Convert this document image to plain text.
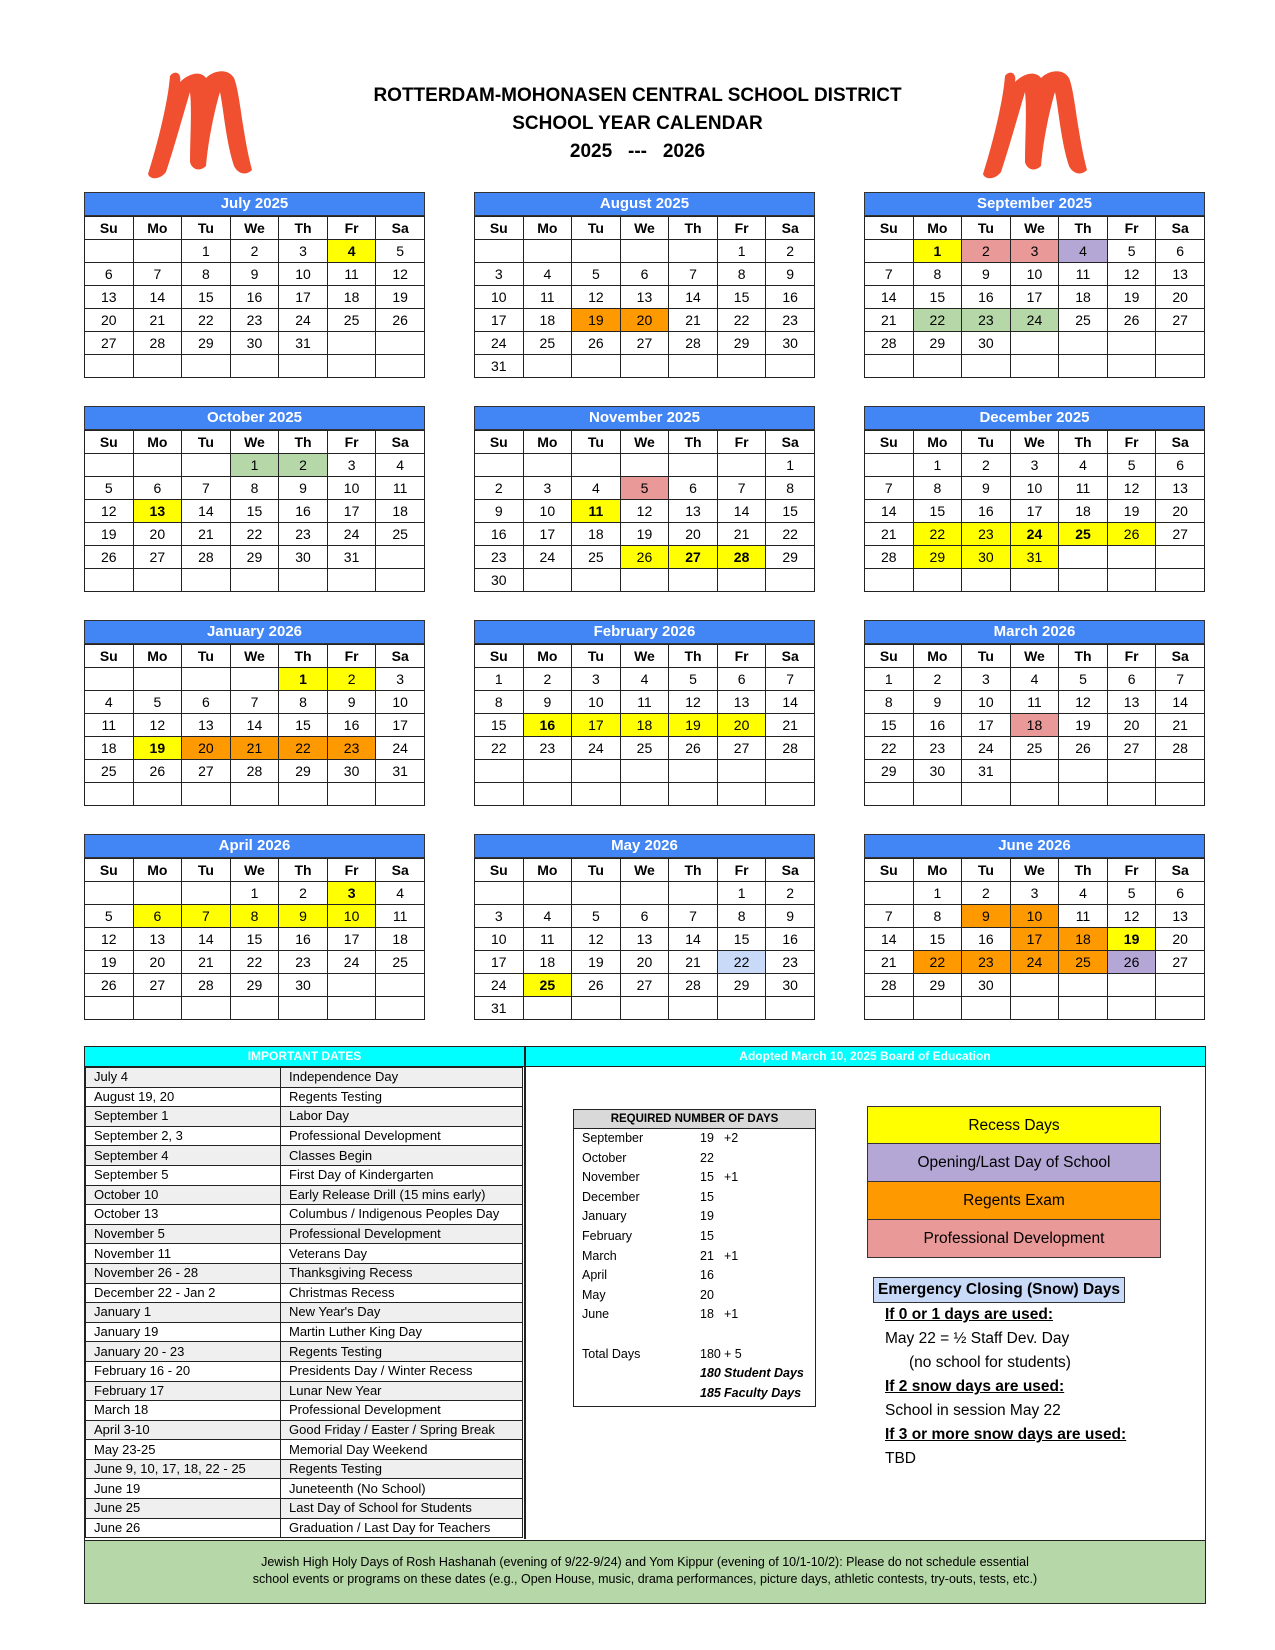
ROTTERDAM-MOHONASEN CENTRAL SCHOOL DISTRICT
SCHOOL YEAR CALENDAR
2025   ---   2026
July 2025
Su	Mo	Tu	We	Th	Fr	Sa
		1	2	3	4	5
6	7	8	9	10	11	12
13	14	15	16	17	18	19
20	21	22	23	24	25	26
27	28	29	30	31		

August 2025
Su	Mo	Tu	We	Th	Fr	Sa
					1	2
3	4	5	6	7	8	9
10	11	12	13	14	15	16
17	18	19	20	21	22	23
24	25	26	27	28	29	30
31						
September 2025
Su	Mo	Tu	We	Th	Fr	Sa
	1	2	3	4	5	6
7	8	9	10	11	12	13
14	15	16	17	18	19	20
21	22	23	24	25	26	27
28	29	30				

October 2025
Su	Mo	Tu	We	Th	Fr	Sa
			1	2	3	4
5	6	7	8	9	10	11
12	13	14	15	16	17	18
19	20	21	22	23	24	25
26	27	28	29	30	31	

November 2025
Su	Mo	Tu	We	Th	Fr	Sa
						1
2	3	4	5	6	7	8
9	10	11	12	13	14	15
16	17	18	19	20	21	22
23	24	25	26	27	28	29
30						
December 2025
Su	Mo	Tu	We	Th	Fr	Sa
	1	2	3	4	5	6
7	8	9	10	11	12	13
14	15	16	17	18	19	20
21	22	23	24	25	26	27
28	29	30	31			

January 2026
Su	Mo	Tu	We	Th	Fr	Sa
				1	2	3
4	5	6	7	8	9	10
11	12	13	14	15	16	17
18	19	20	21	22	23	24
25	26	27	28	29	30	31

February 2026
Su	Mo	Tu	We	Th	Fr	Sa
1	2	3	4	5	6	7
8	9	10	11	12	13	14
15	16	17	18	19	20	21
22	23	24	25	26	27	28

March 2026
Su	Mo	Tu	We	Th	Fr	Sa
1	2	3	4	5	6	7
8	9	10	11	12	13	14
15	16	17	18	19	20	21
22	23	24	25	26	27	28
29	30	31				

April 2026
Su	Mo	Tu	We	Th	Fr	Sa
			1	2	3	4
5	6	7	8	9	10	11
12	13	14	15	16	17	18
19	20	21	22	23	24	25
26	27	28	29	30		

May 2026
Su	Mo	Tu	We	Th	Fr	Sa
					1	2
3	4	5	6	7	8	9
10	11	12	13	14	15	16
17	18	19	20	21	22	23
24	25	26	27	28	29	30
31						
June 2026
Su	Mo	Tu	We	Th	Fr	Sa
	1	2	3	4	5	6
7	8	9	10	11	12	13
14	15	16	17	18	19	20
21	22	23	24	25	26	27
28	29	30				

IMPORTANT DATES	Adopted March 10, 2025 Board of Education
July 4	Independence Day
August 19, 20	Regents Testing
September 1	Labor Day
September 2, 3	Professional Development
September 4	Classes Begin
September 5	First Day of Kindergarten
October 10	Early Release Drill (15 mins early)
October 13	Columbus / Indigenous Peoples Day
November 5	Professional Development
November 11	Veterans Day
November 26 - 28	Thanksgiving Recess
December 22 - Jan 2	Christmas Recess
January 1	New Year's Day
January 19	Martin Luther King Day
January 20 - 23	Regents Testing
February 16 - 20	Presidents Day / Winter Recess
February 17	Lunar New Year
March 18	Professional Development
April 3-10	Good Friday / Easter / Spring Break
May 23-25	Memorial Day Weekend
June 9, 10, 17, 18, 22 - 25	Regents Testing
June 19	Juneteenth (No School)
June 25	Last Day of School for Students
June 26	Graduation / Last Day for Teachers
REQUIRED NUMBER OF DAYS
September	19 +2
October	22
November	15 +1
December	15
January	19
February	15
March	21 +1
April	16
May	20
June	18 +1
Total Days	180 + 5
180 Student Days
185 Faculty Days
Recess Days
Opening/Last Day of School
Regents Exam
Professional Development
Emergency Closing (Snow) Days
If 0 or 1 days are used:
May 22 = ½ Staff Dev. Day
(no school for students)
If 2 snow days are used:
School in session May 22
If 3 or more snow days are used:
TBD
Jewish High Holy Days of Rosh Hashanah (evening of 9/22-9/24) and Yom Kippur (evening of 10/1-10/2): Please do not schedule essential
school events or programs on these dates (e.g., Open House, music, drama performances, picture days, athletic contests, try-outs, tests, etc.)
